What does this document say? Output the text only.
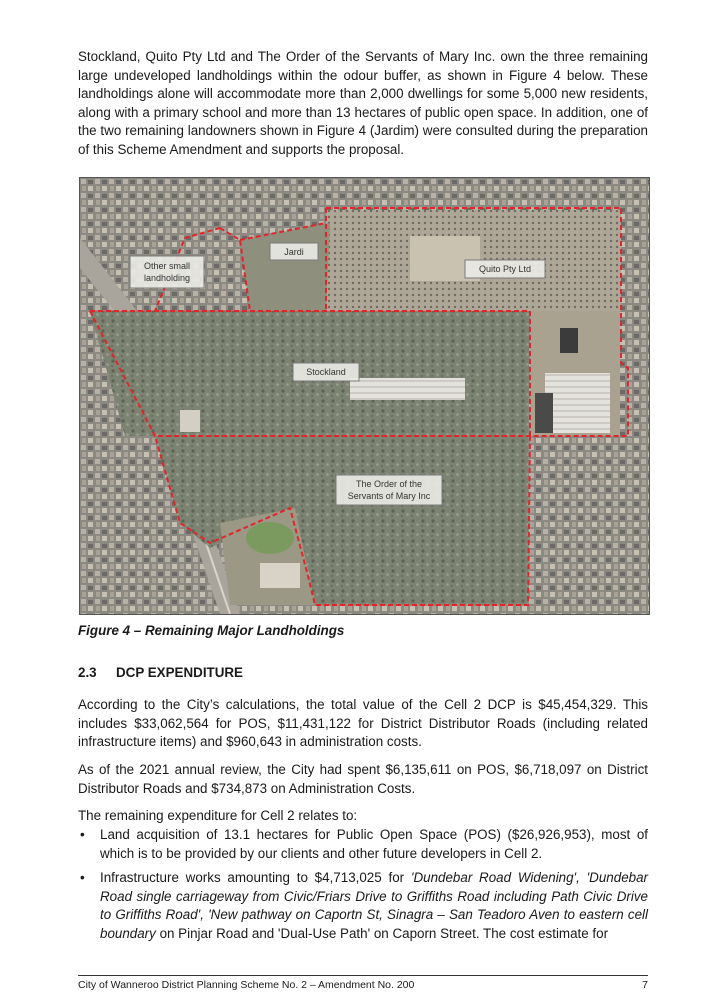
Stockland, Quito Pty Ltd and The Order of the Servants of Mary Inc. own the three remaining large undeveloped landholdings within the odour buffer, as shown in Figure 4 below. These landholdings alone will accommodate more than 2,000 dwellings for some 5,000 new residents, along with a primary school and more than 13 hectares of public open space. In addition, one of the two remaining landowners shown in Figure 4 (Jardim) were consulted during the preparation of this Scheme Amendment and supports the proposal.

Other small
landholding
Jardi
Quito Pty Ltd
Stockland
The Order of the
Servants of Mary Inc

Figure 4 – Remaining Major Landholdings

2.3 DCP EXPENDITURE

According to the City’s calculations, the total value of the Cell 2 DCP is $45,454,329. This includes $33,062,564 for POS, $11,431,122 for District Distributor Roads (including related infrastructure items) and $960,643 in administration costs.

As of the 2021 annual review, the City had spent $6,135,611 on POS, $6,718,097 on District Distributor Roads and $734,873 on Administration Costs.

The remaining expenditure for Cell 2 relates to:

• Land acquisition of 13.1 hectares for Public Open Space (POS) ($26,926,953), most of which is to be provided by our clients and other future developers in Cell 2.
• Infrastructure works amounting to $4,713,025 for 'Dundebar Road Widening', 'Dundebar Road single carriageway from Civic/Friars Drive to Griffiths Road including Path Civic Drive to Griffiths Road', 'New pathway on Caportn St, Sinagra – San Teadoro Aven to eastern cell boundary on Pinjar Road and 'Dual-Use Path' on Caporn Street. The cost estimate for
City of Wanneroo District Planning Scheme No. 2 – Amendment No. 200	7
